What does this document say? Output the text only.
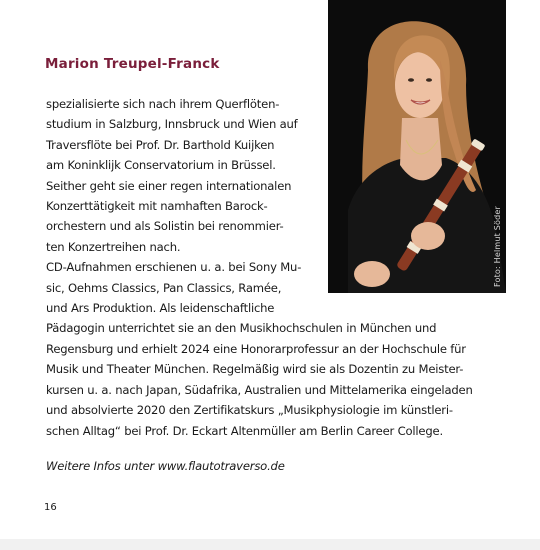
Foto: Helmut Söder
Marion Treupel-Franck
spezialisierte sich nach ihrem Querflöten-
studium in Salzburg, Innsbruck und Wien auf
Traversflöte bei Prof. Dr. Barthold Kuijken
am Koninklijk Conservatorium in Brüssel.
Seither geht sie einer regen internationalen
Konzerttätigkeit mit namhaften Barock-
orchestern und als Solistin bei renommier-
ten Konzertreihen nach.
CD-Aufnahmen erschienen u. a. bei Sony Mu-
sic, Oehms Classics, Pan Classics, Ramée,
und Ars Produktion. Als leidenschaftliche
Pädagogin unterrichtet sie an den Musikhochschulen in München und
Regensburg und erhielt 2024 eine Honorarprofessur an der Hochschule für
Musik und Theater München. Regelmäßig wird sie als Dozentin zu Meister-
kursen u. a. nach Japan, Südafrika, Australien und Mittelamerika eingeladen
und absolvierte 2020 den Zertifikatskurs „Musikphysiologie im künstleri-
schen Alltag“ bei Prof. Dr. Eckart Altenmüller am Berlin Career College.
Weitere Infos unter www.flautotraverso.de
16
